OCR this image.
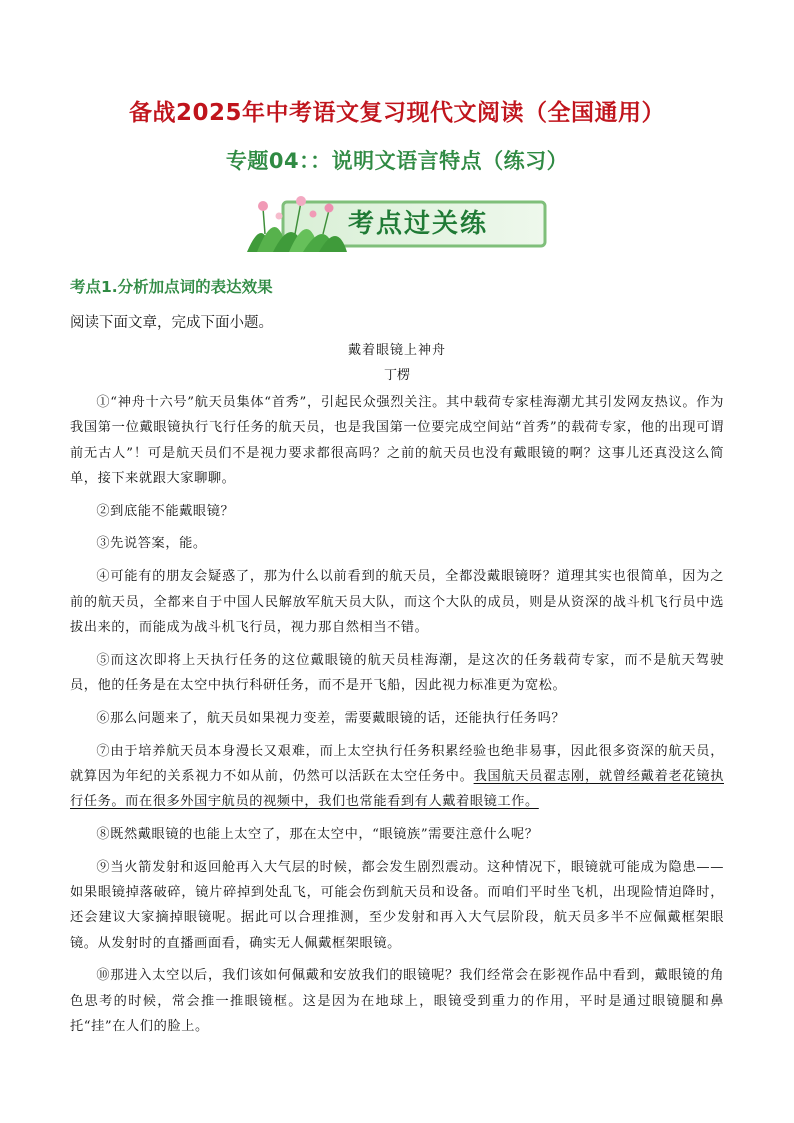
备战2025年中考语文复习现代文阅读（全国通用）
专题04：：说明文语言特点（练习）
考点过关练
考点1.分析加点词的表达效果
阅读下面文章，完成下面小题。
戴着眼镜上神舟
丁楞

①“神舟十六号”航天员集体“首秀”，引起民众强烈关注。其中载荷专家桂海潮尤其引发网友热议。作为我国第一位戴眼镜执行飞行任务的航天员，也是我国第一位要完成空间站“首秀”的载荷专家，他的出现可谓前无古人”！可是航天员们不是视力要求都很高吗？之前的航天员也没有戴眼镜的啊？这事儿还真没这么简单，接下来就跟大家聊聊。

②到底能不能戴眼镜？

③先说答案，能。

④可能有的朋友会疑惑了，那为什么以前看到的航天员，全都没戴眼镜呀？道理其实也很简单，因为之前的航天员，全都来自于中国人民解放军航天员大队，而这个大队的成员，则是从资深的战斗机飞行员中选拔出来的，而能成为战斗机飞行员，视力那自然相当不错。

⑤而这次即将上天执行任务的这位戴眼镜的航天员桂海潮，是这次的任务载荷专家，而不是航天驾驶员，他的任务是在太空中执行科研任务，而不是开飞船，因此视力标准更为宽松。

⑥那么问题来了，航天员如果视力变差，需要戴眼镜的话，还能执行任务吗？

⑦由于培养航天员本身漫长又艰难，而上太空执行任务积累经验也绝非易事，因此很多资深的航天员，就算因为年纪的关系视力不如从前，仍然可以活跃在太空任务中。我国航天员翟志刚，就曾经戴着老花镜执行任务。而在很多外国宇航员的视频中，我们也常能看到有人戴着眼镜工作。

⑧既然戴眼镜的也能上太空了，那在太空中，“眼镜族”需要注意什么呢？

⑨当火箭发射和返回舱再入大气层的时候，都会发生剧烈震动。这种情况下，眼镜就可能成为隐患——如果眼镜掉落破碎，镜片碎掉到处乱飞，可能会伤到航天员和设备。而咱们平时坐飞机，出现险情迫降时，还会建议大家摘掉眼镜呢。据此可以合理推测，至少发射和再入大气层阶段，航天员多半不应佩戴框架眼镜。从发射时的直播画面看，确实无人佩戴框架眼镜。

⑩那进入太空以后，我们该如何佩戴和安放我们的眼镜呢？我们经常会在影视作品中看到，戴眼镜的角色思考的时候，常会推一推眼镜框。这是因为在地球上，眼镜受到重力的作用，平时是通过眼镜腿和鼻托“挂”在人们的脸上。
